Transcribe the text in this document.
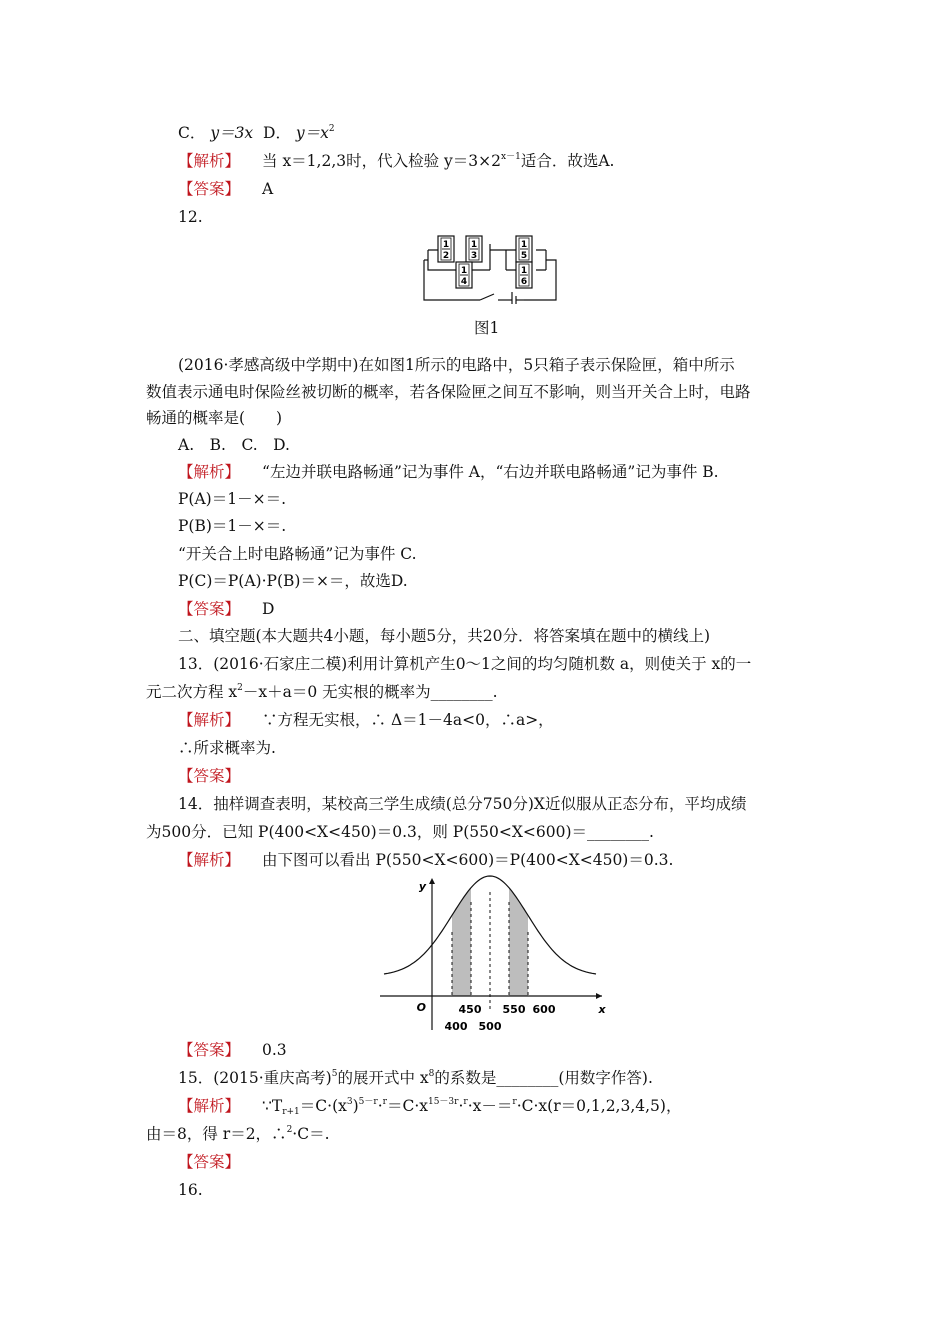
C． y＝3x D． $y=x^2$
【解析】 当 x＝1,2,3时，代入检验 $y=3\times 2^{x-1}$适合．故选A.
【答案】 A
12.
1
2
1
3
1
4
1
5
1
6
图1
(2016·孝感高级中学期中)在如图1所示的电路中，5只箱子表示保险匣，箱中所示
数值表示通电时保险丝被切断的概率，若各保险匣之间互不影响，则当开关合上时，电路
畅通的概率是(　　)
A.　B.　C.　D.
【解析】 “左边并联电路畅通”记为事件 A，“右边并联电路畅通”记为事件 B.
P(A)＝1－×＝.
P(B)＝1－×＝.
“开关合上时电路畅通”记为事件 C.
P(C)＝P(A)·P(B)＝×＝，故选D.
【答案】 D
二、填空题(本大题共4小题，每小题5分，共20分．将答案填在题中的横线上)
13．(2016·石家庄二模)利用计算机产生0～1之间的均匀随机数 a，则使关于 x的一
元二次方程 $x^2-x+a=0$ 无实根的概率为________.
【解析】 ∵方程无实根，∴ Δ＝1－4a<0，∴a>，
∴所求概率为.
【答案】
14．抽样调查表明，某校高三学生成绩(总分750分)X近似服从正态分布，平均成绩
为500分．已知 P(400<X<450)＝0.3，则 P(550<X<600)＝________.
【解析】 由下图可以看出 P(550<X<600)＝P(400<X<450)＝0.3.
y
x
O	450 550 600
400 500
【答案】 0.3
15．(2015·重庆高考)$^5$的展开式中 $x^8$的系数是________(用数字作答).
【解析】 $\because T_{r+1}=C\cdot(x^3)^{5-r}\cdot^r=C\cdot x^{15-3r}\cdot^r\cdot x-=^r\cdot C\cdot x(r=0,1,2,3,4,5)$，
由＝8，得 r＝2，∴$^2$·C＝.
【答案】
16.
